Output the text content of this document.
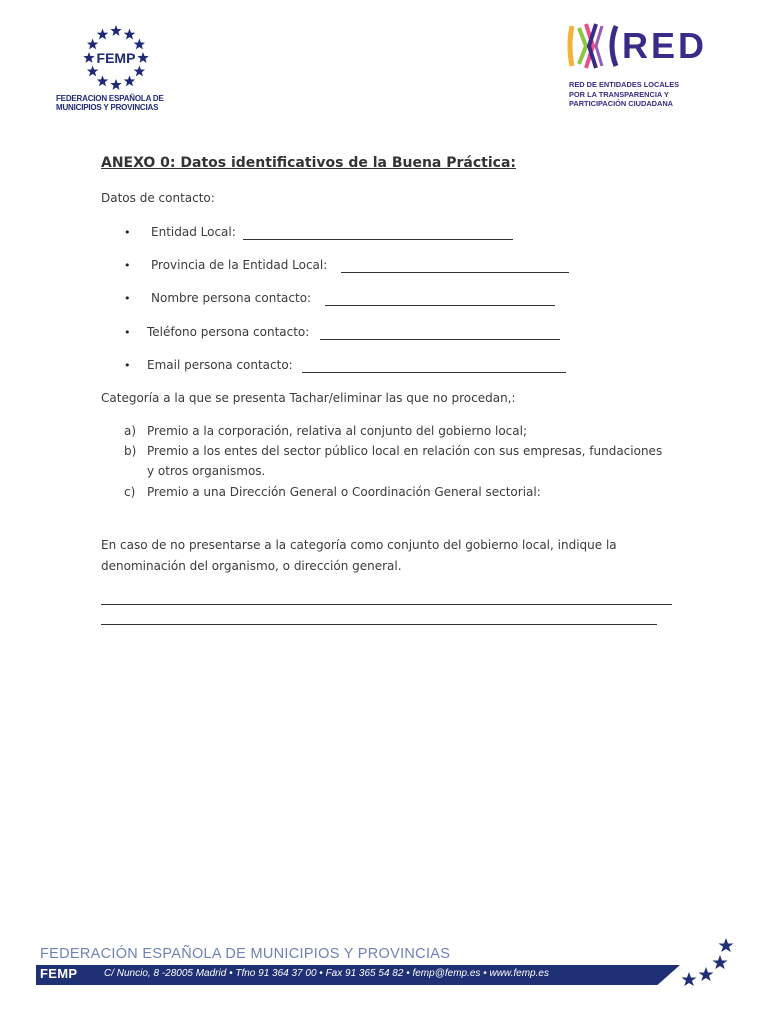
FEMP
FEDERACION ESPAÑOLA DE
MUNICIPIOS Y PROVINCIAS
RED
RED DE ENTIDADES LOCALES
POR LA TRANSPARENCIA Y
PARTICIPACIÓN CIUDADANA
ANEXO 0: Datos identificativos de la Buena Práctica:
Datos de contacto:
• Entidad Local:
• Provincia de la Entidad Local:
• Nombre persona contacto:
• Teléfono persona contacto:
• Email persona contacto:
Categoría a la que se presenta Tachar/eliminar las que no procedan,:
a) Premio a la corporación, relativa al conjunto del gobierno local;
b) Premio a los entes del sector público local en relación con sus empresas, fundaciones
y otros organismos.
c) Premio a una Dirección General o Coordinación General sectorial:
En caso de no presentarse a la categoría como conjunto del gobierno local, indique la
denominación del organismo, o dirección general.
FEDERACIÓN ESPAÑOLA DE MUNICIPIOS Y PROVINCIAS
FEMP	C/ Nuncio, 8 -28005 Madrid • Tfno 91 364 37 00 • Fax 91 365 54 82 • femp@femp.es • www.femp.es
